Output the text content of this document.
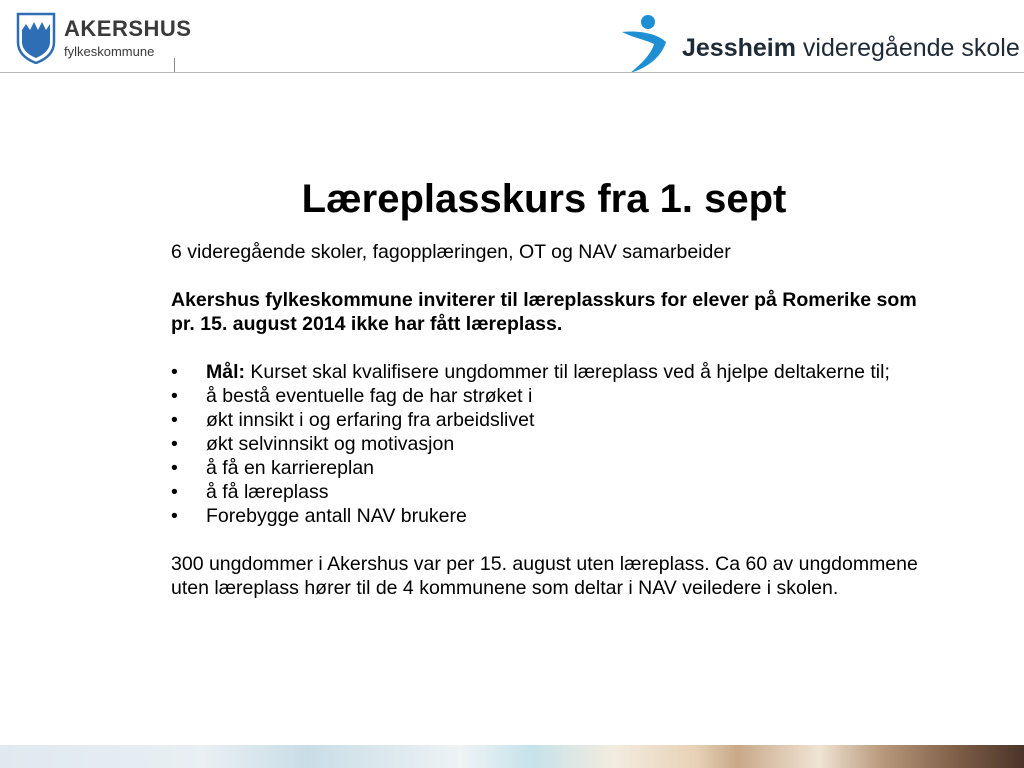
AKERSHUS
fylkeskommune	Jessheim videregående skole
Læreplasskurs fra 1. sept

6 videregående skoler, fagopplæringen, OT og NAV samarbeider

Akershus fylkeskommune inviterer til læreplasskurs for elever på Romerike som pr. 15. august 2014 ikke har fått læreplass.

• Mål: Kurset skal kvalifisere ungdommer til læreplass ved å hjelpe deltakerne til;
• å bestå eventuelle fag de har strøket i
• økt innsikt i og erfaring fra arbeidslivet
• økt selvinnsikt og motivasjon
• å få en karriereplan
• å få læreplass
• Forebygge antall NAV brukere

300 ungdommer i Akershus var per 15. august uten læreplass. Ca 60 av ungdommene uten læreplass hører til de 4 kommunene som deltar i NAV veiledere i skolen.
